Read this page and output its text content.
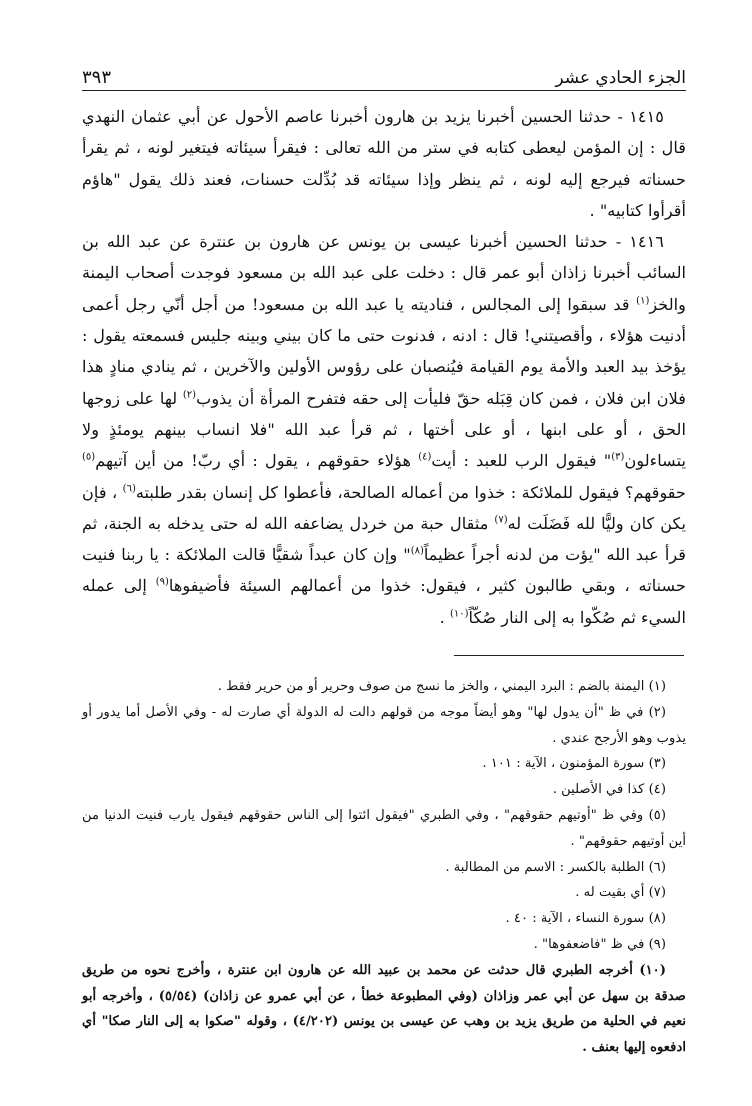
الجزء الحادي عشر
٣٩٣

١٤١٥ - حدثنا الحسين أخبرنا يزيد بن هارون أخبرنا عاصم الأحول عن أبي عثمان النهدي قال : إن المؤمن ليعطى كتابه في ستر من الله تعالى : فيقرأ سيئاته فيتغير لونه ، ثم يقرأ حسناته فيرجع إليه لونه ، ثم ينظر وإذا سيئاته قد بُدِّلت حسنات، فعند ذلك يقول "هاؤم أقرأوا كتابيه" .

١٤١٦ - حدثنا الحسين أخبرنا عيسى بن يونس عن هارون بن عنترة عن عبد الله بن السائب أخبرنا زاذان أبو عمر قال : دخلت على عبد الله بن مسعود فوجدت أصحاب اليمنة والخز$^{(١)}$ قد سبقوا إلى المجالس ، فناديته يا عبد الله بن مسعود! من أجل أنّي رجل أعمى أدنيت هؤلاء ، وأقصيتني! قال : ادنه ، فدنوت حتى ما كان بيني وبينه جليس فسمعته يقول : يؤخذ بيد العبد والأمة يوم القيامة فيُنصبان على رؤوس الأولين والآخرين ، ثم ينادي منادٍ هذا فلان ابن فلان ، فمن كان قِبَله حقّ فليأت إلى حقه فتفرح المرأة أن يذوب$^{(٢)}$ لها على زوجها الحق ، أو على ابنها ، أو على أختها ، ثم قرأ عبد الله "فلا انساب بينهم يومئذٍ ولا يتساءلون$^{(٣)}$" فيقول الرب للعبد : أيت$^{(٤)}$ هؤلاء حقوقهم ، يقول : أي ربّ! من أين آتيهم$^{(٥)}$ حقوقهم؟ فيقول للملائكة : خذوا من أعماله الصالحة، فأعطوا كل إنسان بقدر طلبته$^{(٦)}$ ، فإن يكن كان وليًّا لله فَضَلَت له$^{(٧)}$ مثقال حبة من خردل يضاعفه الله له حتى يدخله به الجنة، ثم قرأ عبد الله "يؤت من لدنه أجراً عظيماً$^{(٨)}$" وإن كان عبداً شقيًّا قالت الملائكة : يا ربنا فنيت حسناته ، وبقي طالبون كثير ، فيقول: خذوا من أعمالهم السيئة فأضيفوها$^{(٩)}$ إلى عمله السيء ثم صُكّوا به إلى النار صُكّاً$^{(١٠)}$ .

(١) اليمنة بالضم : البرد اليمني ، والخز ما نسج من صوف وحرير أو من حرير فقط .

(٢) في ظ "أن يدول لها" وهو أيضاً موجه من قولهم دالت له الدولة أي صارت له - وفي الأصل أما يدور أو يذوب وهو الأرجح عندي .

(٣) سورة المؤمنون ، الآية : ١٠١ .

(٤) كذا في الأصلين .

(٥) وفي ظ "أوتيهم حقوقهم" ، وفي الطبري "فيقول ائتوا إلى الناس حقوقهم فيقول يارب فنيت الدنيا من أين أوتيهم حقوقهم" .

(٦) الطلبة بالكسر : الاسم من المطالبة .

(٧) أي بقيت له .

(٨) سورة النساء ، الآية : ٤٠ .

(٩) في ظ "فاضعفوها" .

(١٠) أخرجه الطبري قال حدثت عن محمد بن عبيد الله عن هارون ابن عنترة ، وأخرج نحوه من طريق صدقة بن سهل عن أبي عمر وزاذان (وفي المطبوعة خطأ ، عن أبي عمرو عن زاذان) (٥/٥٤) ، وأخرجه أبو نعيم في الحلية من طريق يزيد بن وهب عن عيسى بن يونس (٤/٢٠٢) ، وقوله "صكوا به إلى النار صكا" أي ادفعوه إليها بعنف .
